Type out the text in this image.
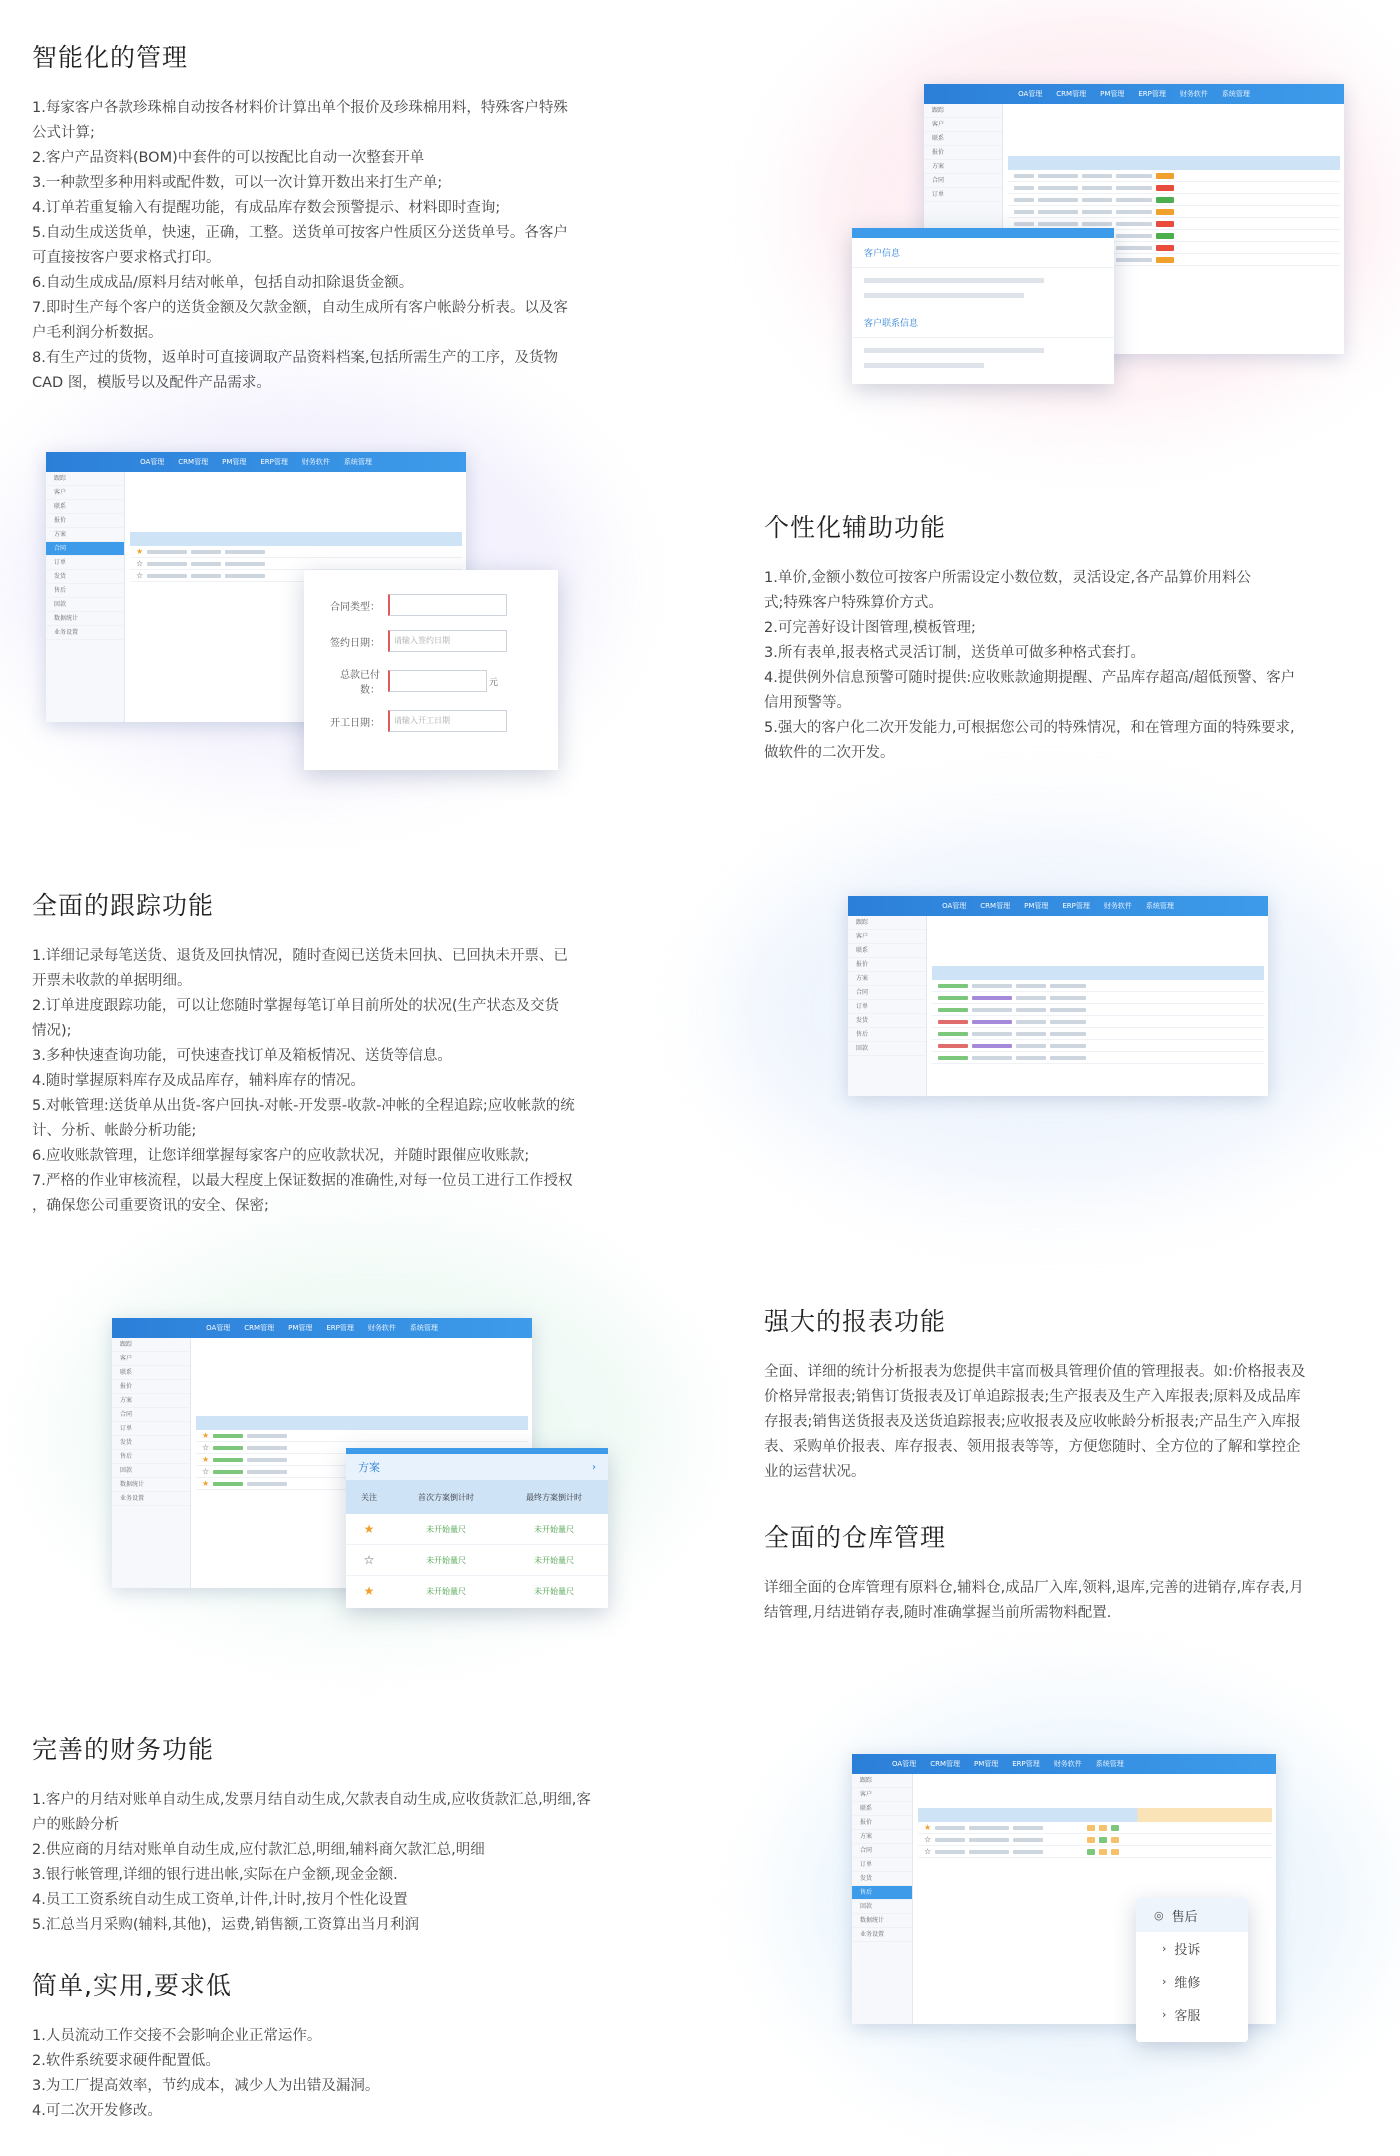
智能化的管理
1.每家客户各款珍珠棉自动按各材料价计算出单个报价及珍珠棉用料，特殊客户特殊
公式计算;
2.客户产品资料(BOM)中套件的可以按配比自动一次整套开单
3.一种款型多种用料或配件数，可以一次计算开数出来打生产单;
4.订单若重复输入有提醒功能，有成品库存数会预警提示、材料即时查询;
5.自动生成送货单，快速，正确，工整。送货单可按客户性质区分送货单号。各客户
可直接按客户要求格式打印。
6.自动生成成品/原料月结对帐单，包括自动扣除退货金额。
7.即时生产每个客户的送货金额及欠款金额，自动生成所有客户帐龄分析表。以及客
户毛利润分析数据。
8.有生产过的货物，返单时可直接调取产品资料档案,包括所需生产的工序，及货物
CAD 图，模版号以及配件产品需求。
个性化辅助功能
1.单价,金额小数位可按客户所需设定小数位数，灵活设定,各产品算价用料公
式;特殊客户特殊算价方式。
2.可完善好设计图管理,模板管理;
3.所有表单,报表格式灵活订制，送货单可做多种格式套打。
4.提供例外信息预警可随时提供:应收账款逾期提醒、产品库存超高/超低预警、客户
信用预警等。
5.强大的客户化二次开发能力,可根据您公司的特殊情况，和在管理方面的特殊要求,
做软件的二次开发。
全面的跟踪功能
1.详细记录每笔送货、退货及回执情况，随时查阅已送货未回执、已回执未开票、已
开票未收款的单据明细。
2.订单进度跟踪功能，可以让您随时掌握每笔订单目前所处的状况(生产状态及交货
情况);
3.多种快速查询功能，可快速查找订单及箱板情况、送货等信息。
4.随时掌握原料库存及成品库存，辅料库存的情况。
5.对帐管理:送货单从出货-客户回执-对帐-开发票-收款-冲帐的全程追踪;应收帐款的统
计、分析、帐龄分析功能;
6.应收账款管理，让您详细掌握每家客户的应收款状况，并随时跟催应收账款;
7.严格的作业审核流程，以最大程度上保证数据的准确性,对每一位员工进行工作授权
，确保您公司重要资讯的安全、保密;
强大的报表功能
全面、详细的统计分析报表为您提供丰富而极具管理价值的管理报表。如:价格报表及
价格异常报表;销售订货报表及订单追踪报表;生产报表及生产入库报表;原料及成品库
存报表;销售送货报表及送货追踪报表;应收报表及应收帐龄分析报表;产品生产入库报
表、采购单价报表、库存报表、领用报表等等，方便您随时、全方位的了解和掌控企
业的运营状况。
全面的仓库管理
详细全面的仓库管理有原料仓,辅料仓,成品厂入库,领料,退库,完善的进销存,库存表,月
结管理,月结进销存表,随时准确掌握当前所需物料配置.
完善的财务功能
1.客户的月结对账单自动生成,发票月结自动生成,欠款表自动生成,应收货款汇总,明细,客
户的账龄分析
2.供应商的月结对账单自动生成,应付款汇总,明细,辅料商欠款汇总,明细
3.银行帐管理,详细的银行进出帐,实际在户金额,现金金额.
4.员工工资系统自动生成工资单,计件,计时,按月个性化设置
5.汇总当月采购(辅料,其他)，运费,销售额,工资算出当月利润
简单,实用,要求低
1.人员流动工作交接不会影响企业正常运作。
2.软件系统要求硬件配置低。
3.为工厂提高效率，节约成本，减少人为出错及漏洞。
4.可二次开发修改。
OA管理 CRM管理 PM管理 ERP管理 财务软件 系统管理
跟踪
客户
联系
报价
方案
合同
订单
客户信息
客户联系信息
OA管理 CRM管理 PM管理 ERP管理 财务软件 系统管理
跟踪
客户
联系
报价
方案
合同
订单
发货
售后
回款
数据统计
业务设置
★
☆
☆
合同类型：
签约日期：	请输入签约日期
总款已付数：
元
开工日期：	请输入开工日期
OA管理 CRM管理 PM管理 ERP管理 财务软件 系统管理
跟踪
客户
联系
报价
方案
合同
订单
发货
售后
回款
OA管理 CRM管理 PM管理 ERP管理 财务软件 系统管理
跟踪
客户
联系
报价
方案
合同
订单
发货
售后
回款
数据统计
业务设置
★
☆
★
☆
★
方案	›
关注	首次方案倒计时	最终方案倒计时
★	未开始量尺	未开始量尺
☆	未开始量尺	未开始量尺
★	未开始量尺	未开始量尺
OA管理 CRM管理 PM管理 ERP管理 财务软件 系统管理
跟踪
客户
联系
报价
方案
合同
订单
发货
售后
回款
数据统计
业务设置
★
☆
☆
◎ 售后
› 投诉
› 维修
› 客服
